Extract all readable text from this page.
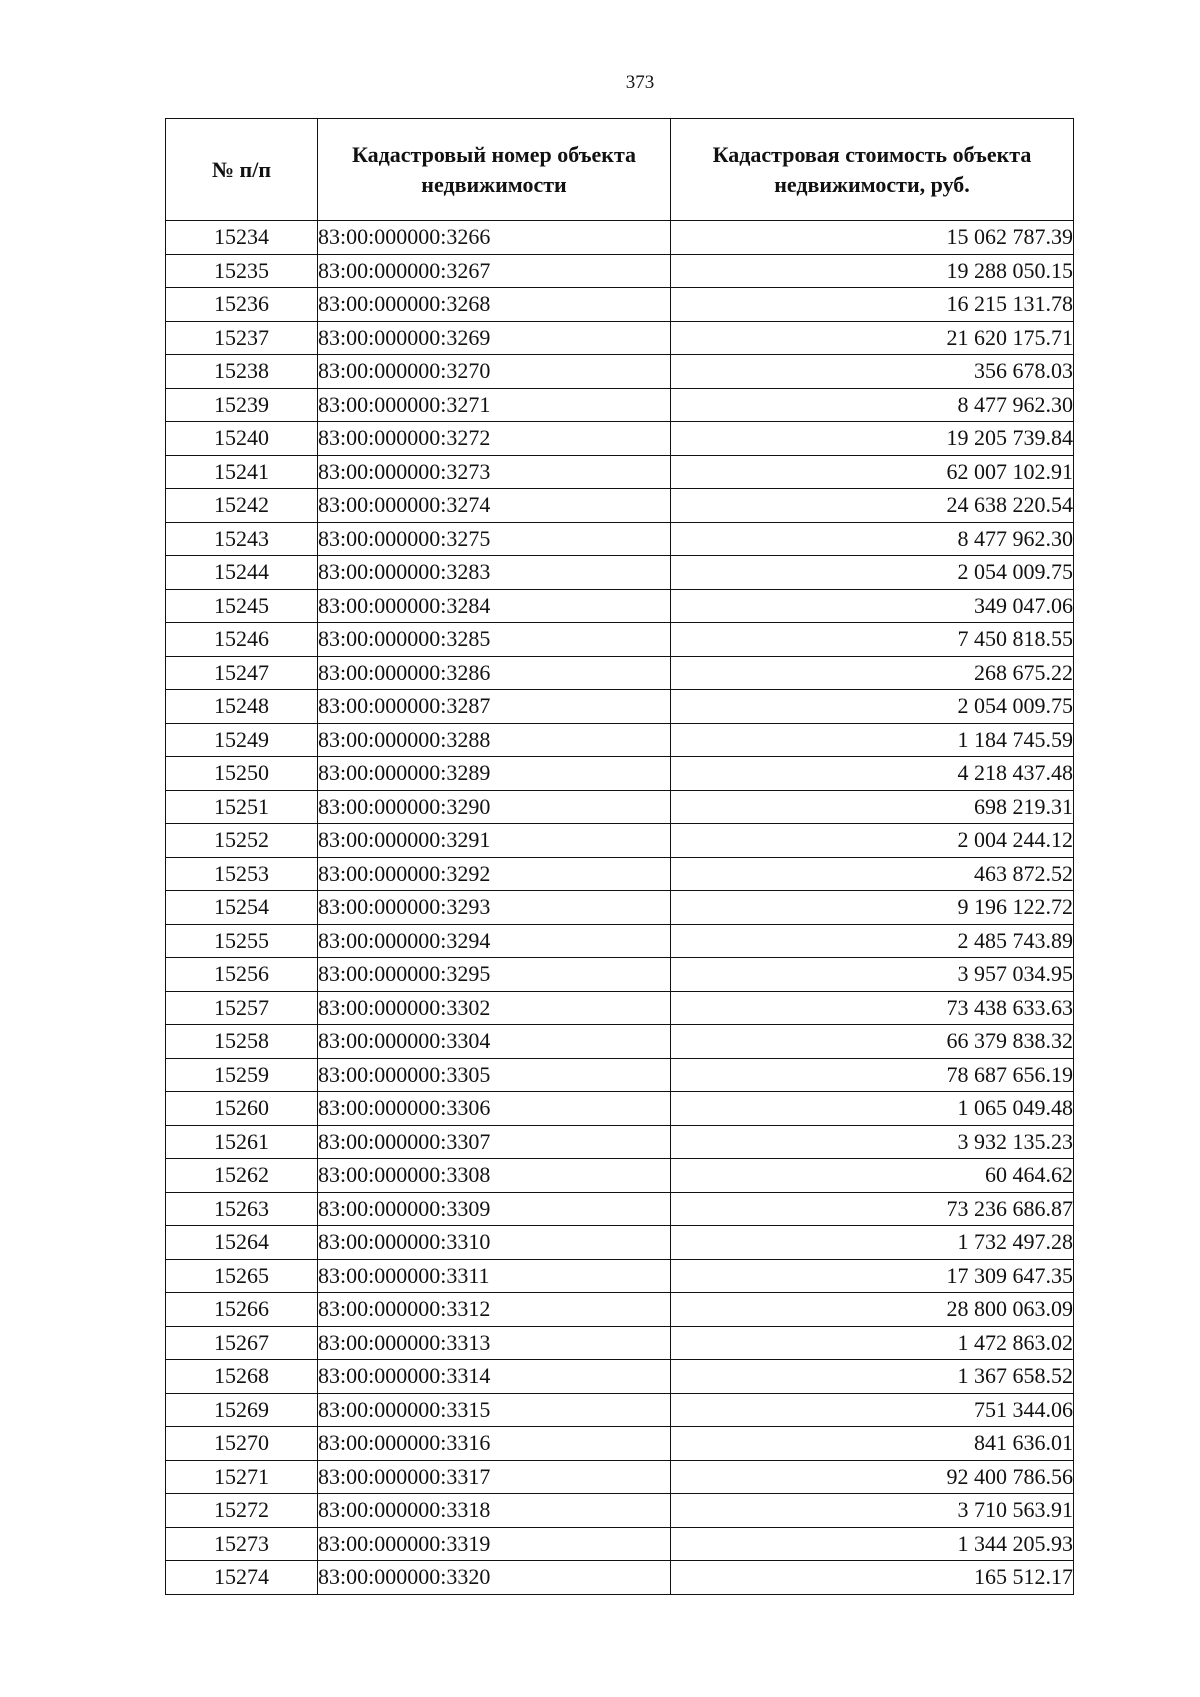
373
№ п/п	Кадастровый номер объекта недвижимости	Кадастровая стоимость объекта недвижимости, руб.
15234	83:00:000000:3266	15 062 787.39
15235	83:00:000000:3267	19 288 050.15
15236	83:00:000000:3268	16 215 131.78
15237	83:00:000000:3269	21 620 175.71
15238	83:00:000000:3270	356 678.03
15239	83:00:000000:3271	8 477 962.30
15240	83:00:000000:3272	19 205 739.84
15241	83:00:000000:3273	62 007 102.91
15242	83:00:000000:3274	24 638 220.54
15243	83:00:000000:3275	8 477 962.30
15244	83:00:000000:3283	2 054 009.75
15245	83:00:000000:3284	349 047.06
15246	83:00:000000:3285	7 450 818.55
15247	83:00:000000:3286	268 675.22
15248	83:00:000000:3287	2 054 009.75
15249	83:00:000000:3288	1 184 745.59
15250	83:00:000000:3289	4 218 437.48
15251	83:00:000000:3290	698 219.31
15252	83:00:000000:3291	2 004 244.12
15253	83:00:000000:3292	463 872.52
15254	83:00:000000:3293	9 196 122.72
15255	83:00:000000:3294	2 485 743.89
15256	83:00:000000:3295	3 957 034.95
15257	83:00:000000:3302	73 438 633.63
15258	83:00:000000:3304	66 379 838.32
15259	83:00:000000:3305	78 687 656.19
15260	83:00:000000:3306	1 065 049.48
15261	83:00:000000:3307	3 932 135.23
15262	83:00:000000:3308	60 464.62
15263	83:00:000000:3309	73 236 686.87
15264	83:00:000000:3310	1 732 497.28
15265	83:00:000000:3311	17 309 647.35
15266	83:00:000000:3312	28 800 063.09
15267	83:00:000000:3313	1 472 863.02
15268	83:00:000000:3314	1 367 658.52
15269	83:00:000000:3315	751 344.06
15270	83:00:000000:3316	841 636.01
15271	83:00:000000:3317	92 400 786.56
15272	83:00:000000:3318	3 710 563.91
15273	83:00:000000:3319	1 344 205.93
15274	83:00:000000:3320	165 512.17
